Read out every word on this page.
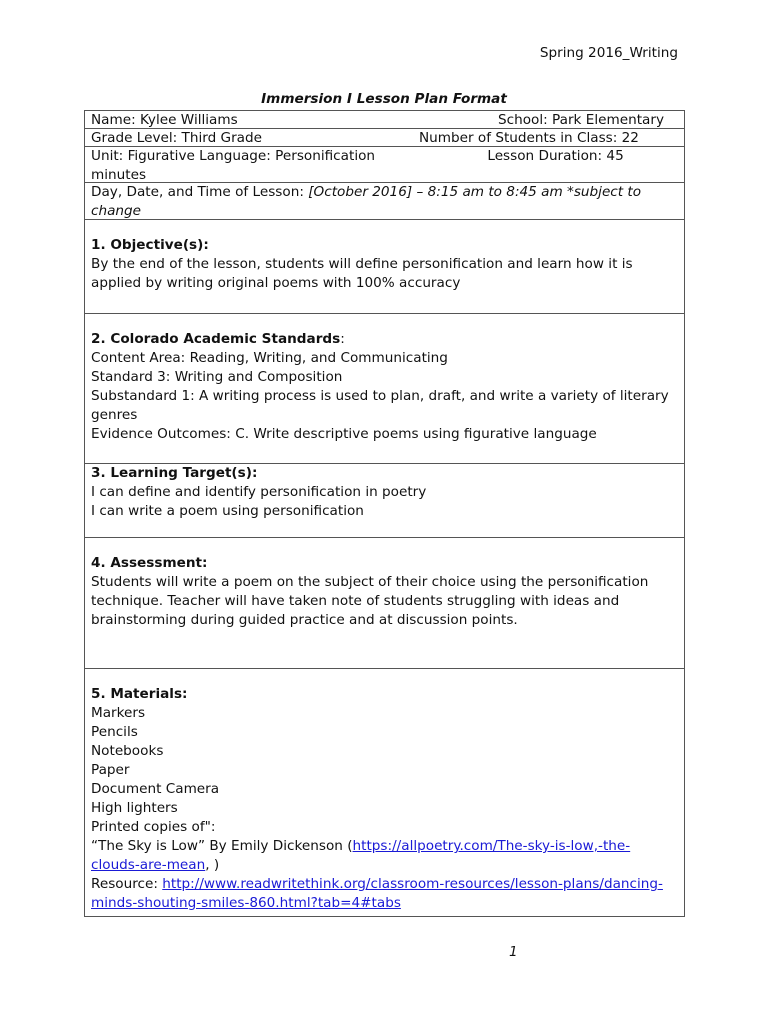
Spring 2016_Writing
Immersion I Lesson Plan Format
Name: Kylee Williams	School: Park Elementary
Grade Level: Third Grade	Number of Students in Class: 22
Unit: Figurative Language: Personification	Lesson Duration: 45
minutes
Day, Date, and Time of Lesson: [October 2016] – 8:15 am to 8:45 am *subject to
change
1. Objective(s):
By the end of the lesson, students will define personification and learn how it is
applied by writing original poems with 100% accuracy
2. Colorado Academic Standards:
Content Area: Reading, Writing, and Communicating
Standard 3: Writing and Composition
Substandard 1: A writing process is used to plan, draft, and write a variety of literary
genres
Evidence Outcomes: C. Write descriptive poems using figurative language
3. Learning Target(s):
I can define and identify personification in poetry
I can write a poem using personification
4. Assessment:
Students will write a poem on the subject of their choice using the personification
technique. Teacher will have taken note of students struggling with ideas and
brainstorming during guided practice and at discussion points.
5. Materials:
Markers
Pencils
Notebooks
Paper
Document Camera
High lighters
Printed copies of":
“The Sky is Low” By Emily Dickenson (https://allpoetry.com/The-sky-is-low,-the-
clouds-are-mean, )
Resource: http://www.readwritethink.org/classroom-resources/lesson-plans/dancing-
minds-shouting-smiles-860.html?tab=4#tabs
1
